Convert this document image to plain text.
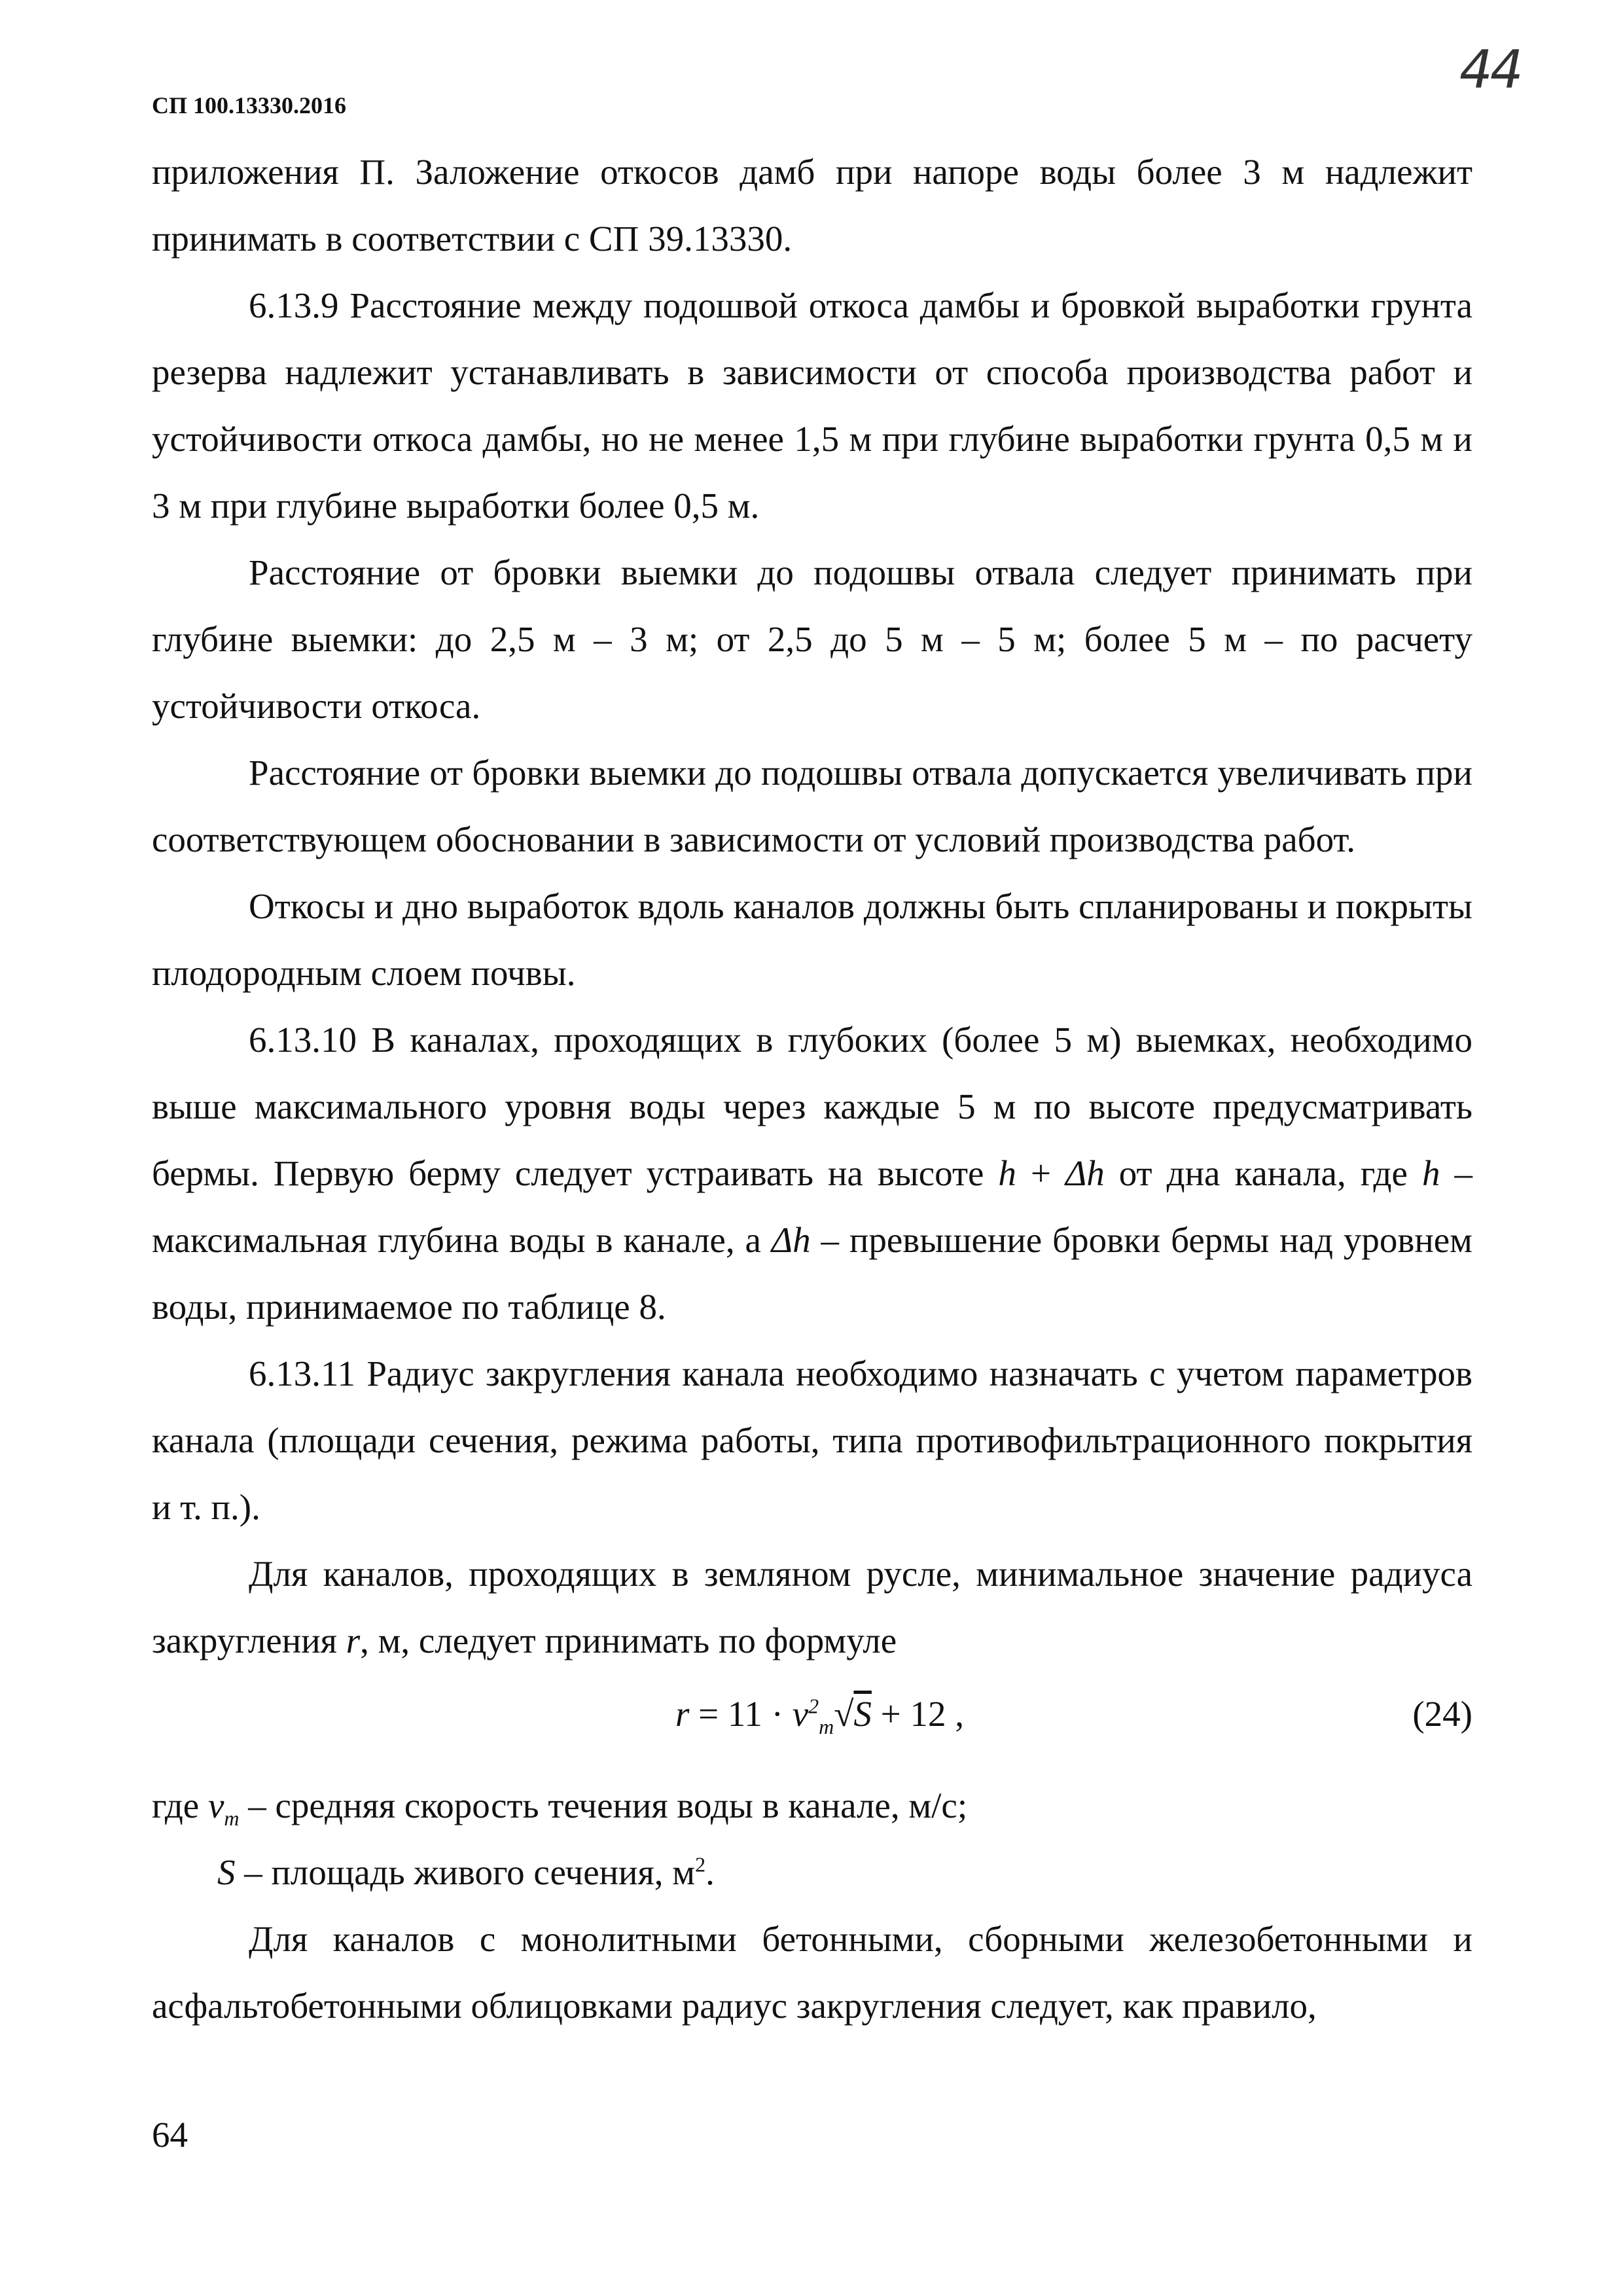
44
СП 100.13330.2016

приложения П. Заложение откосов дамб при напоре воды более 3 м надлежит принимать в соответствии с СП 39.13330.

6.13.9 Расстояние между подошвой откоса дамбы и бровкой выработки грунта резерва надлежит устанавливать в зависимости от способа производства работ и устойчивости откоса дамбы, но не менее 1,5 м при глубине выработки грунта 0,5 м и 3 м при глубине выработки более 0,5 м.

Расстояние от бровки выемки до подошвы отвала следует принимать при глубине выемки: до 2,5 м – 3 м; от 2,5 до 5 м – 5 м; более 5 м – по расчету устойчивости откоса.

Расстояние от бровки выемки до подошвы отвала допускается увеличивать при соответствующем обосновании в зависимости от условий производства работ.

Откосы и дно выработок вдоль каналов должны быть спланированы и покрыты плодородным слоем почвы.

6.13.10 В каналах, проходящих в глубоких (более 5 м) выемках, необходимо выше максимального уровня воды через каждые 5 м по высоте предусматривать бермы. Первую берму следует устраивать на высоте h + Δh от дна канала, где h – максимальная глубина воды в канале, а Δh – превышение бровки бермы над уровнем воды, принимаемое по таблице 8.

6.13.11 Радиус закругления канала необходимо назначать с учетом параметров канала (площади сечения, режима работы, типа противофильтрационного покрытия и т. п.).

Для каналов, проходящих в земляном русле, минимальное значение радиуса закругления r, м, следует принимать по формуле

$r = 11 \cdot v^2_m√S + 12$ ,	(24)

где $v_m$ – средняя скорость течения воды в канале, м/с;

S – площадь живого сечения, $м^2$.

Для каналов с монолитными бетонными, сборными железобетонными и асфальтобетонными облицовками радиус закругления следует, как правило,

64
